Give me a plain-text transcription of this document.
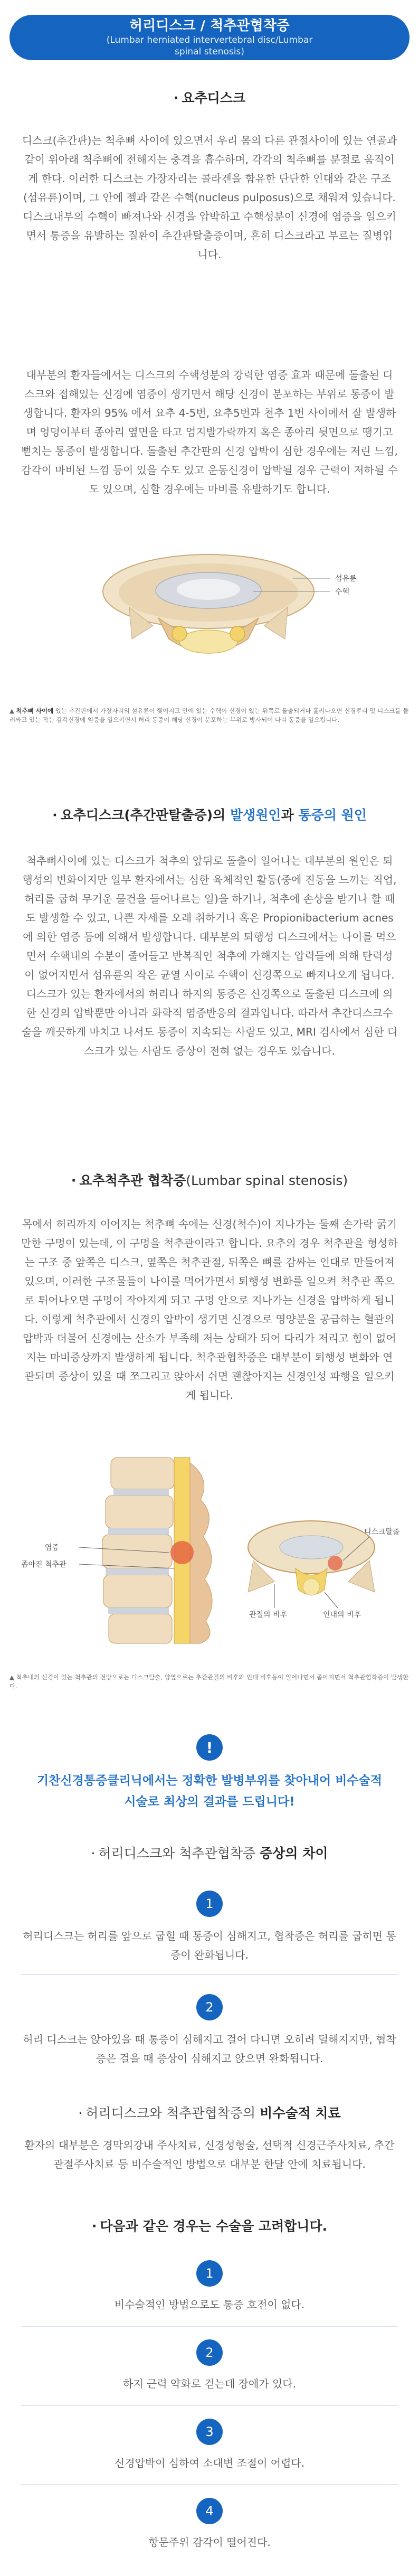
허리디스크 / 척추관협착증
(Lumbar herniated intervertebral disc/Lumbar
spinal stenosis)
· 요추디스크
디스크(추간판)는 척추뼈 사이에 있으면서 우리 몸의 다른 관절사이에 있는 연골과 같이 위아래 척추뼈에 전해지는 충격을 흡수하며, 각각의 척추뼈를 분절로 움직이게 한다. 이러한 디스크는 가장자리는 콜라겐을 함유한 단단한 인대와 같은 구조(섬유륜)이며, 그 안에 젤과 같은 수핵(nucleus pulposus)으로 채워져 있습니다. 디스크내부의 수핵이 빠져나와 신경을 압박하고 수핵성분이 신경에 염증을 일으키면서 통증을 유발하는 질환이 추간판탈출증이며, 흔히 디스크라고 부르는 질병입니다.
대부분의 환자들에서는 디스크의 수핵성분의 강력한 염증 효과 때문에 돌출된 디스크와 접해있는 신경에 염증이 생기면서 해당 신경이 분포하는 부위로 통증이 발생합니다. 환자의 95% 에서 요추 4-5번, 요추5번과 천추 1번 사이에서 잘 발생하며 엉덩이부터 종아리 옆면을 타고 엄지발가락까지 혹은 종아리 뒷면으로 땡기고 뻗치는 통증이 발생합니다. 돌출된 추간판의 신경 압박이 심한 경우에는 저린 느낌, 감각이 마비된 느낌 등이 있을 수도 있고 운동신경이 압박될 경우 근력이 저하될 수도 있으며, 심할 경우에는 마비를 유발하기도 합니다.
섬유륜
수핵
▲ 척추뼈 사이에 있는 추간판에서 가장자리의 섬유륜이 찢어지고 안에 있는 수핵이 신경이 있는 뒤쪽로 돌출되거나 흘러나오면 신경뿌리 및 디스크를 둘러싸고 있는 작는 감각신경에 염증을 일으키면서 허리 통증이 해당 신경이 분포하는 부위로 방사되어 다리 통증을 일으킵니다.
· 요추디스크(추간판탈출증)의 발생원인과 통증의 원인
척추뼈사이에 있는 디스크가 척추의 앞뒤로 돌출이 일어나는 대부분의 원인은 퇴행성의 변화이지만 일부 환자에서는 심한 육체적인 활동(중에 진동을 느끼는 직업, 허리를 굽혀 무거운 물건을 들어나르는 일)을 하거나, 척추에 손상을 받거나 할 때도 발생할 수 있고, 나쁜 자세를 오래 취하거나 혹은 Propionibacterium acnes 에 의한 염증 등에 의해서 발생합니다. 대부분의 퇴행성 디스크에서는 나이를 먹으면서 수핵내의 수분이 줄어들고 반복적인 척추에 가해지는 압력들에 의해 탄력성이 없어지면서 섬유륜의 작은 균열 사이로 수핵이 신경쪽으로 빠져나오게 됩니다. 디스크가 있는 환자에서의 허리나 하지의 통증은 신경쪽으로 돌출된 디스크에 의한 신경의 압박뿐만 아니라 화학적 염증반응의 결과입니다. 따라서 추간디스크수술을 깨끗하게 마치고 나서도 통증이 지속되는 사람도 있고, MRI 검사에서 심한 디스크가 있는 사람도 증상이 전혀 없는 경우도 있습니다.
· 요추척추관 협착증(Lumbar spinal stenosis)
목에서 허리까지 이어지는 척추뼈 속에는 신경(척수)이 지나가는 둘째 손가락 굵기만한 구멍이 있는데, 이 구멍을 척추관이라고 합니다. 요추의 경우 척추관을 형성하는 구조 중 앞쪽은 디스크, 옆쪽은 척추관절, 뒤쪽은 뼈를 감싸는 인대로 만들어져 있으며, 이러한 구조물들이 나이를 먹어가면서 퇴행성 변화를 일으켜 척추관 쪽으로 튀어나오면 구멍이 작아지게 되고 구멍 안으로 지나가는 신경을 압박하게 됩니다. 이렇게 척추관에서 신경의 압박이 생기면 신경으로 영양분을 공급하는 혈관의 압박과 더불어 신경에는 산소가 부족해 저는 상태가 되어 다리가 저리고 힘이 없어지는 마비증상까지 발생하게 됩니다. 척추관협착증은 대부분이 퇴행성 변화와 연관되며 증상이 있을 때 쪼그리고 앉아서 쉬면 괜찮아지는 신경인성 파행을 일으키게 됩니다.
염증
좁아진 척추관
디스크탈출
관절의 비후	인대의 비후
▲ 척추내의 신경이 있는 척추관의 전방으로는 디스크탈출, 양옆으로는 추간관절의 비후와 인대 비후등이 일어나면서 좁아지면서 척추관협착증이 발생한다.
!
기찬신경통증클리닉에서는 정확한 발병부위를 찾아내어 비수술적
시술로 최상의 결과를 드립니다!
· 허리디스크와 척추관협착증 증상의 차이
1
허리디스크는 허리를 앞으로 굽힐 때 통증이 심해지고, 협착증은 허리를 굽히면 통증이 완화됩니다.
2
허리 디스크는 앉아있을 때 통증이 심해지고 걸어 다니면 오히려 덜해지지만, 협착증은 걸을 때 증상이 심해지고 앉으면 완화됩니다.
· 허리디스크와 척추관협착증의 비수술적 치료
환자의 대부분은 경막외강내 주사치료, 신경성형술, 선택적 신경근주사치료, 추간관절주사치료 등 비수술적인 방법으로 대부분 한달 안에 치료됩니다.
· 다음과 같은 경우는 수술을 고려합니다.
1
비수술적인 방법으로도 통증 호전이 없다.
2
하지 근력 약화로 걷는데 장애가 있다.
3
신경압박이 심하여 소대변 조절이 어렵다.
4
항문주위 감각이 떨어진다.
